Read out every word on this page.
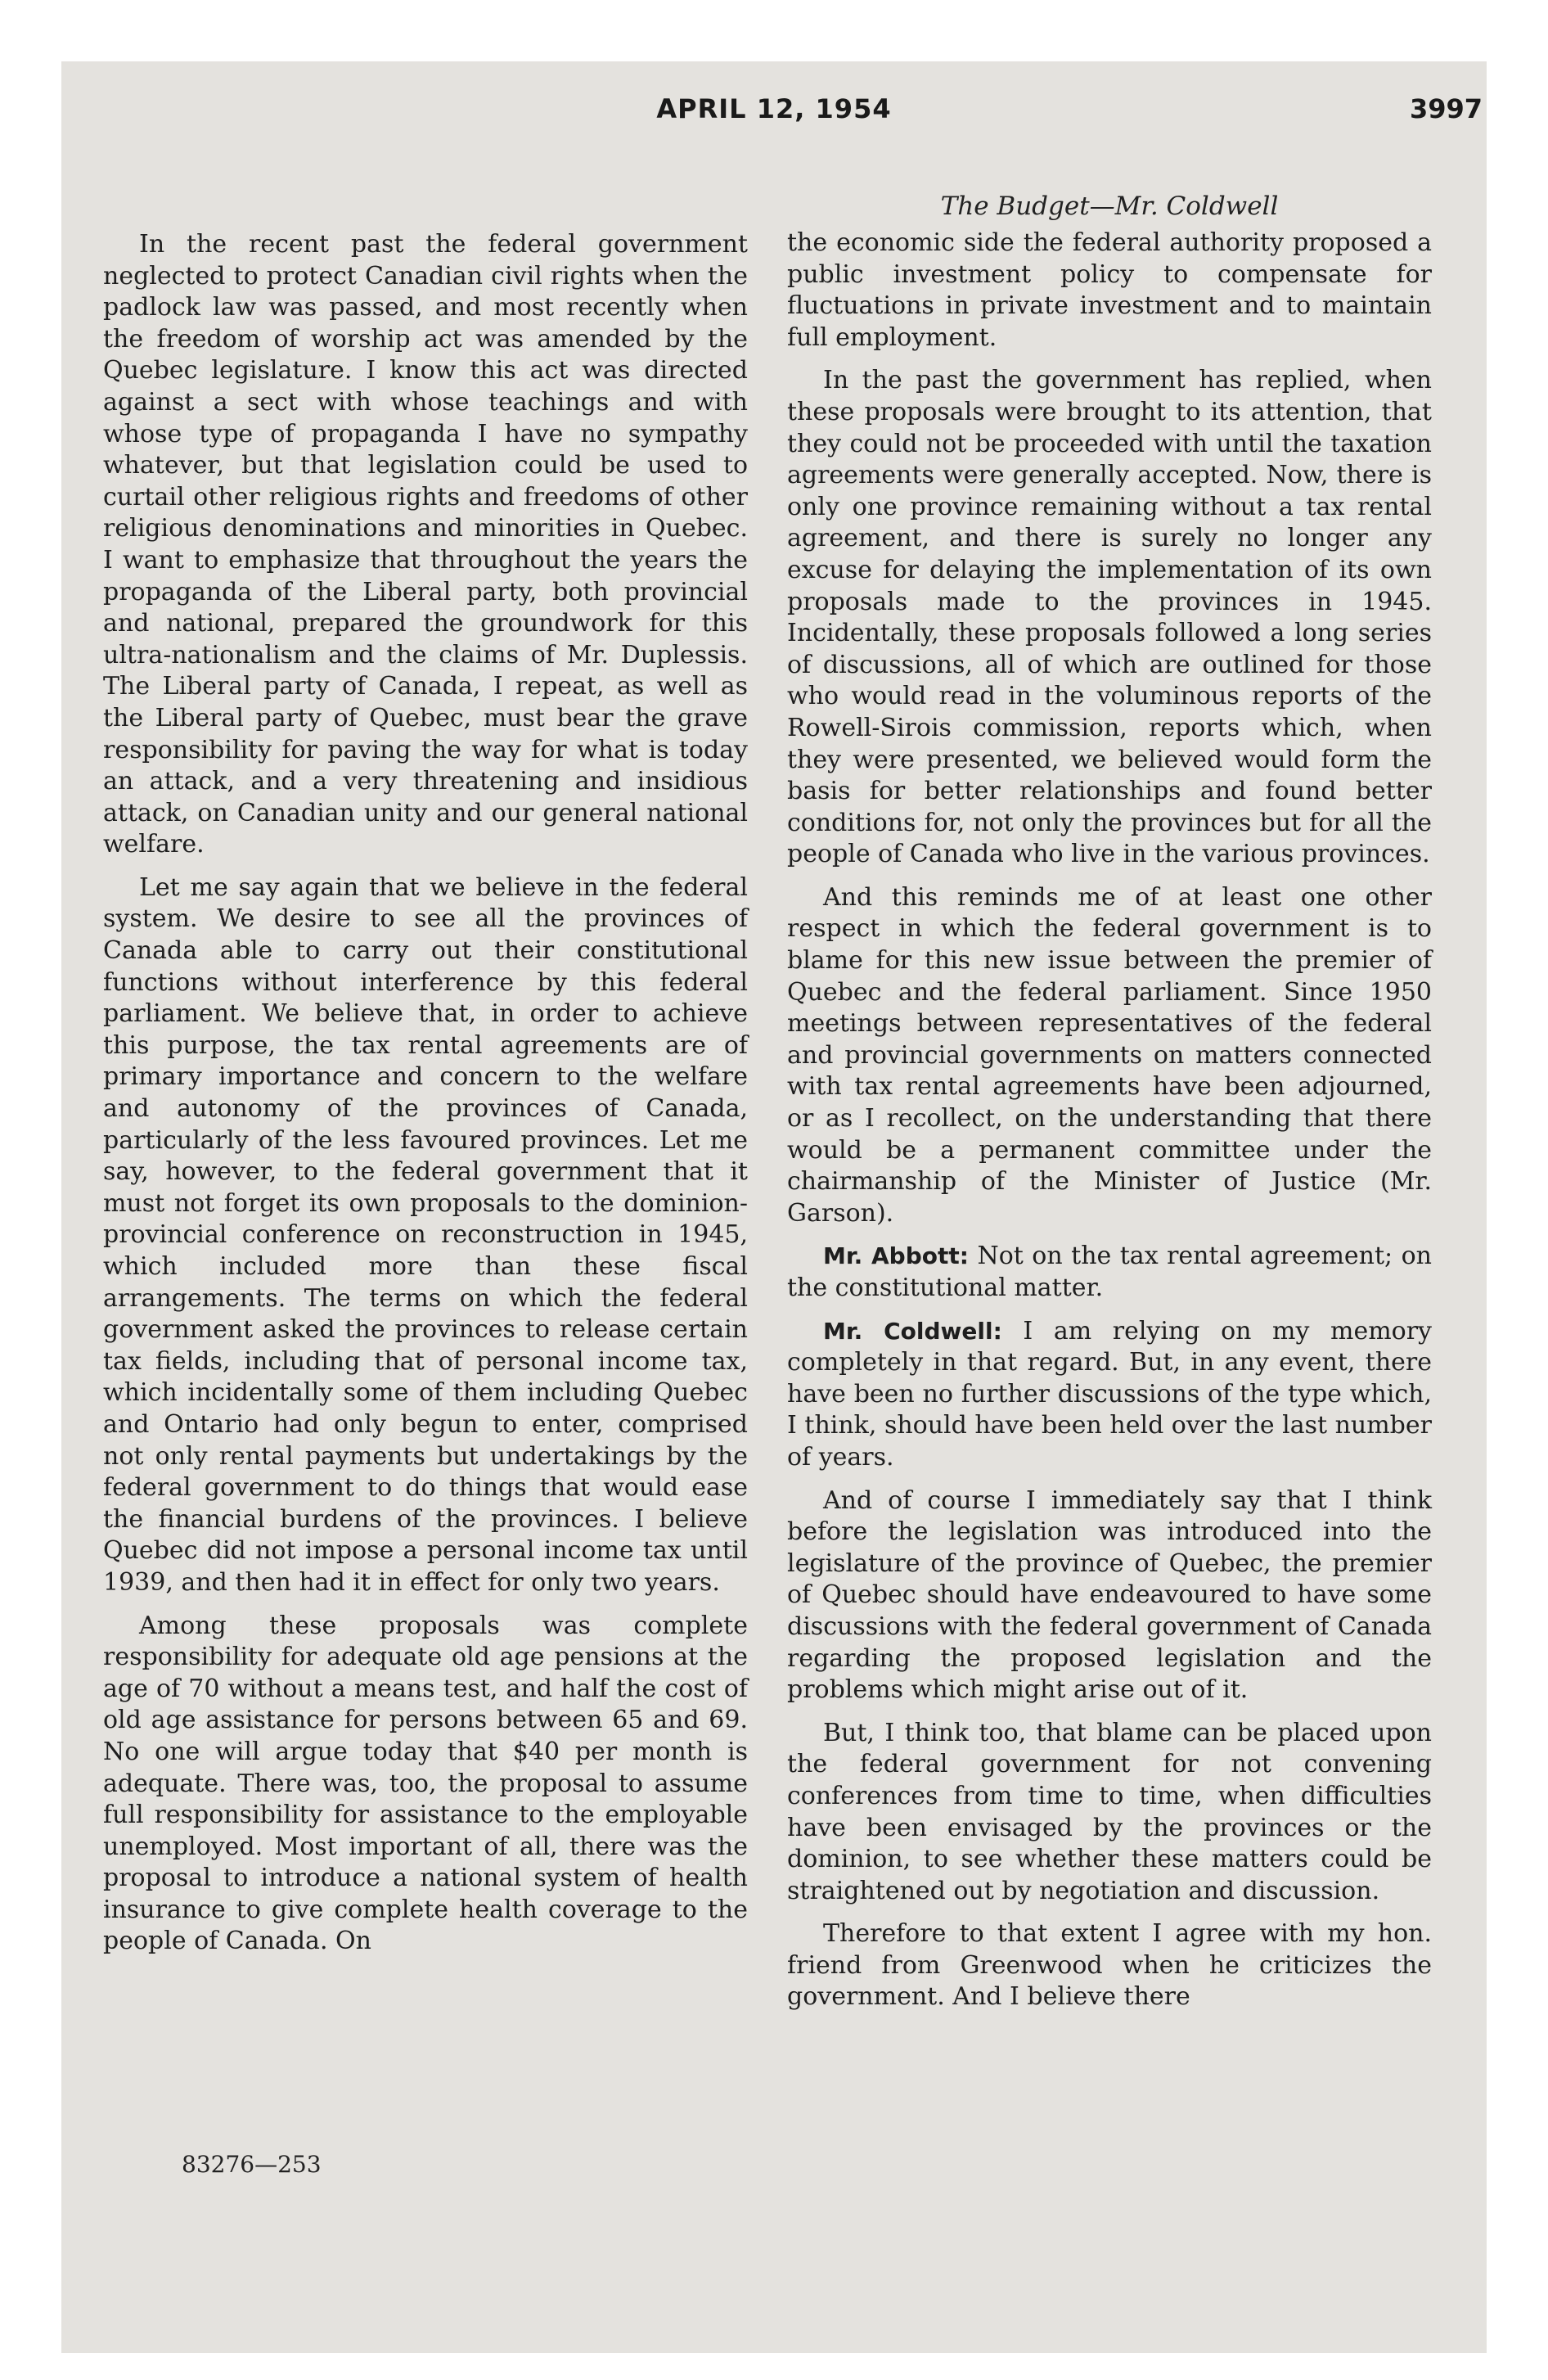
APRIL 12, 1954	3997
The Budget—Mr. Coldwell

In the recent past the federal government neglected to protect Canadian civil rights when the padlock law was passed, and most recently when the freedom of worship act was amended by the Quebec legislature. I know this act was directed against a sect with whose teachings and with whose type of propaganda I have no sympathy whatever, but that legislation could be used to curtail other religious rights and freedoms of other religious denominations and minorities in Quebec. I want to emphasize that throughout the years the propaganda of the Liberal party, both provincial and national, prepared the groundwork for this ultra-nationalism and the claims of Mr. Duplessis. The Liberal party of Canada, I repeat, as well as the Liberal party of Quebec, must bear the grave responsibility for paving the way for what is today an attack, and a very threatening and insidious attack, on Canadian unity and our general national welfare.

Let me say again that we believe in the federal system. We desire to see all the provinces of Canada able to carry out their constitutional functions without interference by this federal parliament. We believe that, in order to achieve this purpose, the tax rental agreements are of primary importance and concern to the welfare and autonomy of the provinces of Canada, particularly of the less favoured provinces. Let me say, however, to the federal government that it must not forget its own proposals to the dominion-provincial conference on reconstruction in 1945, which included more than these fiscal arrangements. The terms on which the federal government asked the provinces to release certain tax fields, including that of personal income tax, which incidentally some of them including Quebec and Ontario had only begun to enter, comprised not only rental payments but undertakings by the federal government to do things that would ease the financial burdens of the provinces. I believe Quebec did not impose a personal income tax until 1939, and then had it in effect for only two years.

Among these proposals was complete responsibility for adequate old age pensions at the age of 70 without a means test, and half the cost of old age assistance for persons between 65 and 69. No one will argue today that $40 per month is adequate. There was, too, the proposal to assume full responsibility for assistance to the employable unemployed. Most important of all, there was the proposal to introduce a national system of health insurance to give complete health coverage to the people of Canada. On

83276—253

the economic side the federal authority proposed a public investment policy to compensate for fluctuations in private investment and to maintain full employment.

In the past the government has replied, when these proposals were brought to its attention, that they could not be proceeded with until the taxation agreements were generally accepted. Now, there is only one province remaining without a tax rental agreement, and there is surely no longer any excuse for delaying the implementation of its own proposals made to the provinces in 1945. Incidentally, these proposals followed a long series of discussions, all of which are outlined for those who would read in the voluminous reports of the Rowell-Sirois commission, reports which, when they were presented, we believed would form the basis for better relationships and found better conditions for, not only the provinces but for all the people of Canada who live in the various provinces.

And this reminds me of at least one other respect in which the federal government is to blame for this new issue between the premier of Quebec and the federal parliament. Since 1950 meetings between representatives of the federal and provincial governments on matters connected with tax rental agreements have been adjourned, or as I recollect, on the understanding that there would be a permanent committee under the chairmanship of the Minister of Justice (Mr. Garson).

Mr. Abbott: Not on the tax rental agreement; on the constitutional matter.

Mr. Coldwell: I am relying on my memory completely in that regard. But, in any event, there have been no further discussions of the type which, I think, should have been held over the last number of years.

And of course I immediately say that I think before the legislation was introduced into the legislature of the province of Quebec, the premier of Quebec should have endeavoured to have some discussions with the federal government of Canada regarding the proposed legislation and the problems which might arise out of it.

But, I think too, that blame can be placed upon the federal government for not convening conferences from time to time, when difficulties have been envisaged by the provinces or the dominion, to see whether these matters could be straightened out by negotiation and discussion.

Therefore to that extent I agree with my hon. friend from Greenwood when he criticizes the government. And I believe there
